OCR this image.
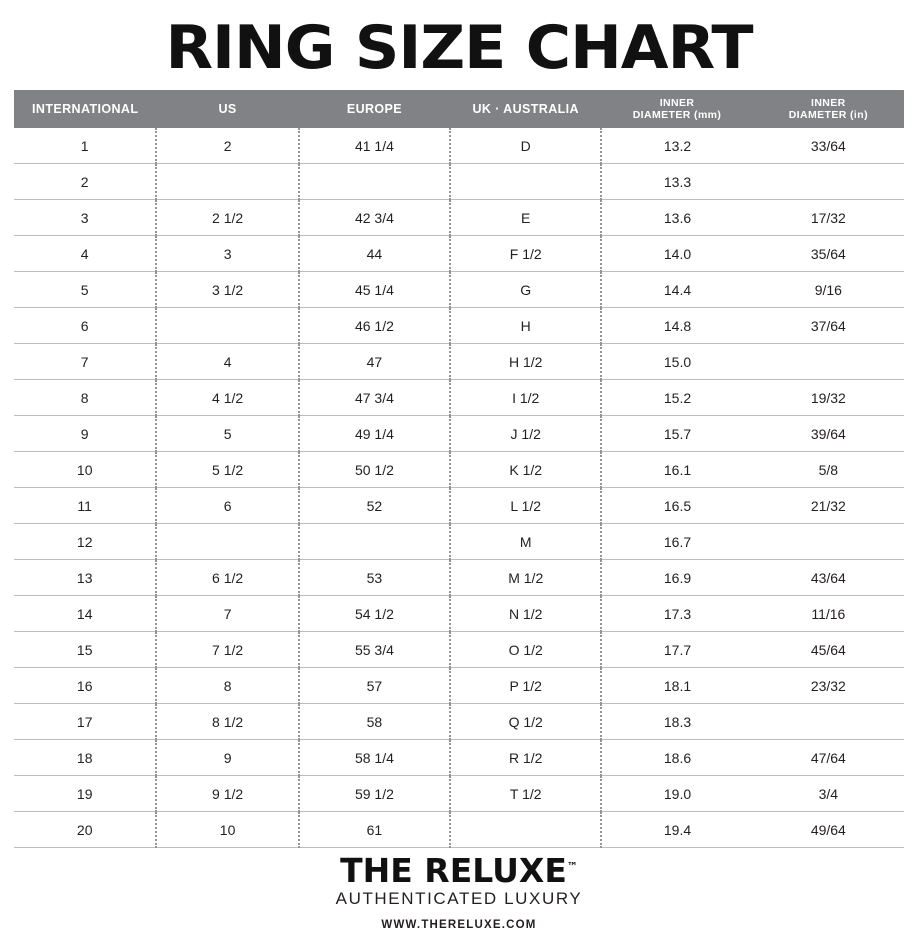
RING SIZE CHART
INTERNATIONAL	US	EUROPE	UK · AUSTRALIA	INNER
DIAMETER (mm)	INNER
DIAMETER (in)
1	2	41 1/4	D	13.2	33/64
2				13.3	
3	2 1/2	42 3/4	E	13.6	17/32
4	3	44	F 1/2	14.0	35/64
5	3 1/2	45 1/4	G	14.4	9/16
6		46 1/2	H	14.8	37/64
7	4	47	H 1/2	15.0	
8	4 1/2	47 3/4	I 1/2	15.2	19/32
9	5	49 1/4	J 1/2	15.7	39/64
10	5 1/2	50 1/2	K 1/2	16.1	5/8
11	6	52	L 1/2	16.5	21/32
12			M	16.7	
13	6 1/2	53	M 1/2	16.9	43/64
14	7	54 1/2	N 1/2	17.3	11/16
15	7 1/2	55 3/4	O 1/2	17.7	45/64
16	8	57	P 1/2	18.1	23/32
17	8 1/2	58	Q 1/2	18.3	
18	9	58 1/4	R 1/2	18.6	47/64
19	9 1/2	59 1/2	T 1/2	19.0	3/4
20	10	61		19.4	49/64
THE RELUXE™
AUTHENTICATED LUXURY
WWW.THERELUXE.COM
